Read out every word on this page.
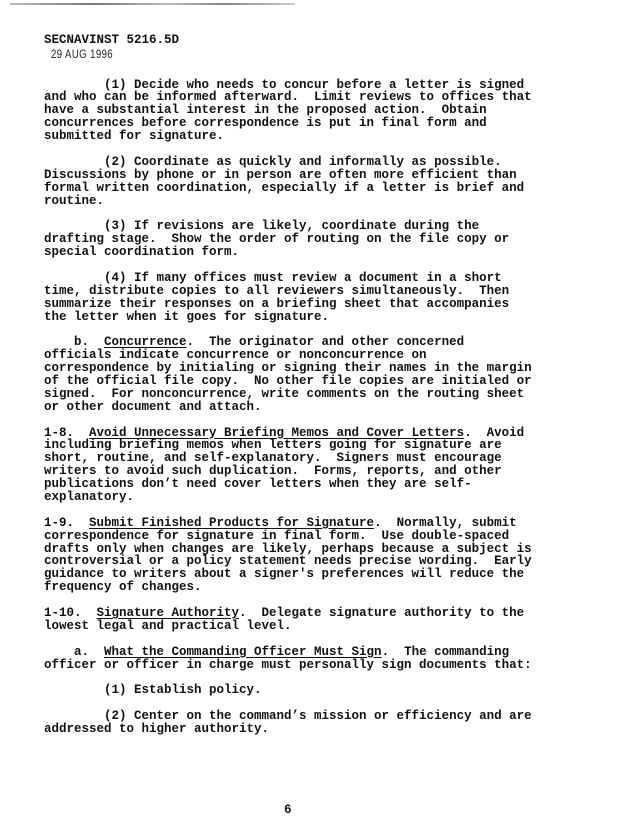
SECNAVINST 5216.5D
29 AUG 1996
(1) Decide who needs to concur before a letter is signed
and who can be informed afterward.  Limit reviews to offices that
have a substantial interest in the proposed action.  Obtain
concurrences before correspondence is put in final form and
submitted for signature.
(2) Coordinate as quickly and informally as possible.
Discussions by phone or in person are often more efficient than
formal written coordination, especially if a letter is brief and
routine.
(3) If revisions are likely, coordinate during the
drafting stage.  Show the order of routing on the file copy or
special coordination form.
(4) If many offices must review a document in a short
time, distribute copies to all reviewers simultaneously.  Then
summarize their responses on a briefing sheet that accompanies
the letter when it goes for signature.
b.  Concurrence.  The originator and other concerned
officials indicate concurrence or nonconcurrence on
correspondence by initialing or signing their names in the margin
of the official file copy.  No other file copies are initialed or
signed.  For nonconcurrence, write comments on the routing sheet
or other document and attach.
1-8.  Avoid Unnecessary Briefing Memos and Cover Letters.  Avoid
including briefing memos when letters going for signature are
short, routine, and self-explanatory.  Signers must encourage
writers to avoid such duplication.  Forms, reports, and other
publications don’t need cover letters when they are self-
explanatory.
1-9.  Submit Finished Products for Signature.  Normally, submit
correspondence for signature in final form.  Use double-spaced
drafts only when changes are likely, perhaps because a subject is
controversial or a policy statement needs precise wording.  Early
guidance to writers about a signer's preferences will reduce the
frequency of changes.
1-10.  Signature Authority.  Delegate signature authority to the
lowest legal and practical level.
a.  What the Commanding Officer Must Sign.  The commanding
officer or officer in charge must personally sign documents that:
(1) Establish policy.
(2) Center on the command’s mission or efficiency and are
addressed to higher authority.
6
